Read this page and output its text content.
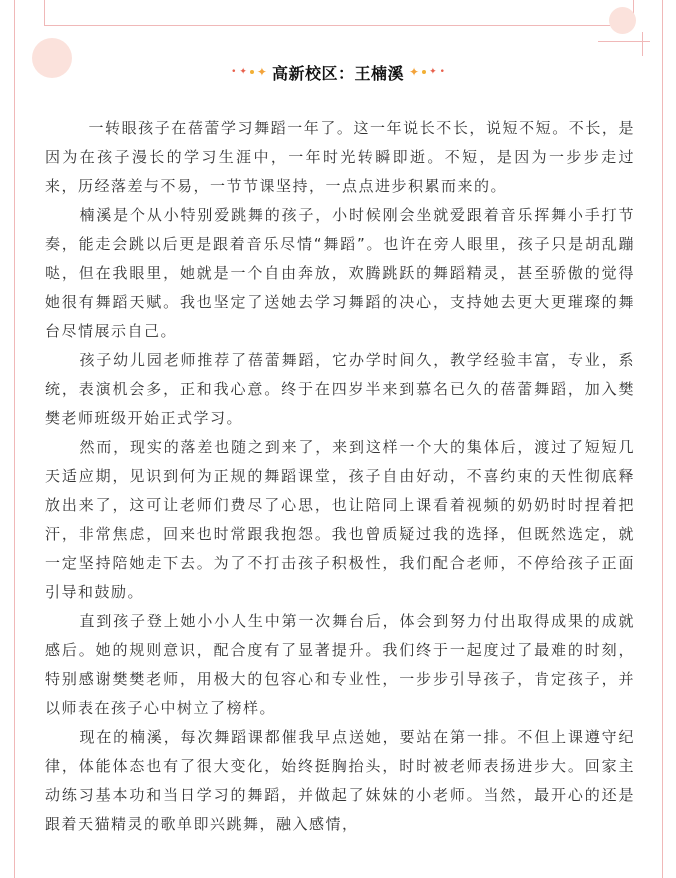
• ✦ ✦ 高新校区：王楠溪 ✦ ✦ •

一转眼孩子在蓓蕾学习舞蹈一年了。这一年说长不长，说短不短。不长，是因为在孩子漫长的学习生涯中，一年时光转瞬即逝。不短，是因为一步步走过来，历经落差与不易，一节节课坚持，一点点进步积累而来的。

楠溪是个从小特别爱跳舞的孩子，小时候刚会坐就爱跟着音乐挥舞小手打节奏，能走会跳以后更是跟着音乐尽情“舞蹈”。也许在旁人眼里，孩子只是胡乱蹦哒，但在我眼里，她就是一个自由奔放，欢腾跳跃的舞蹈精灵，甚至骄傲的觉得她很有舞蹈天赋。我也坚定了送她去学习舞蹈的决心，支持她去更大更璀璨的舞台尽情展示自己。

孩子幼儿园老师推荐了蓓蕾舞蹈，它办学时间久，教学经验丰富，专业，系统，表演机会多，正和我心意。终于在四岁半来到慕名已久的蓓蕾舞蹈，加入樊樊老师班级开始正式学习。

然而，现实的落差也随之到来了，来到这样一个大的集体后，渡过了短短几天适应期，见识到何为正规的舞蹈课堂，孩子自由好动，不喜约束的天性彻底释放出来了，这可让老师们费尽了心思，也让陪同上课看着视频的奶奶时时捏着把汗，非常焦虑，回来也时常跟我抱怨。我也曾质疑过我的选择，但既然选定，就一定坚持陪她走下去。为了不打击孩子积极性，我们配合老师，不停给孩子正面引导和鼓励。

直到孩子登上她小小人生中第一次舞台后，体会到努力付出取得成果的成就感后。她的规则意识，配合度有了显著提升。我们终于一起度过了最难的时刻，特别感谢樊樊老师，用极大的包容心和专业性，一步步引导孩子，肯定孩子，并以师表在孩子心中树立了榜样。

现在的楠溪，每次舞蹈课都催我早点送她，要站在第一排。不但上课遵守纪律，体能体态也有了很大变化，始终挺胸抬头，时时被老师表扬进步大。回家主动练习基本功和当日学习的舞蹈，并做起了妹妹的小老师。当然，最开心的还是跟着天猫精灵的歌单即兴跳舞，融入感情，
